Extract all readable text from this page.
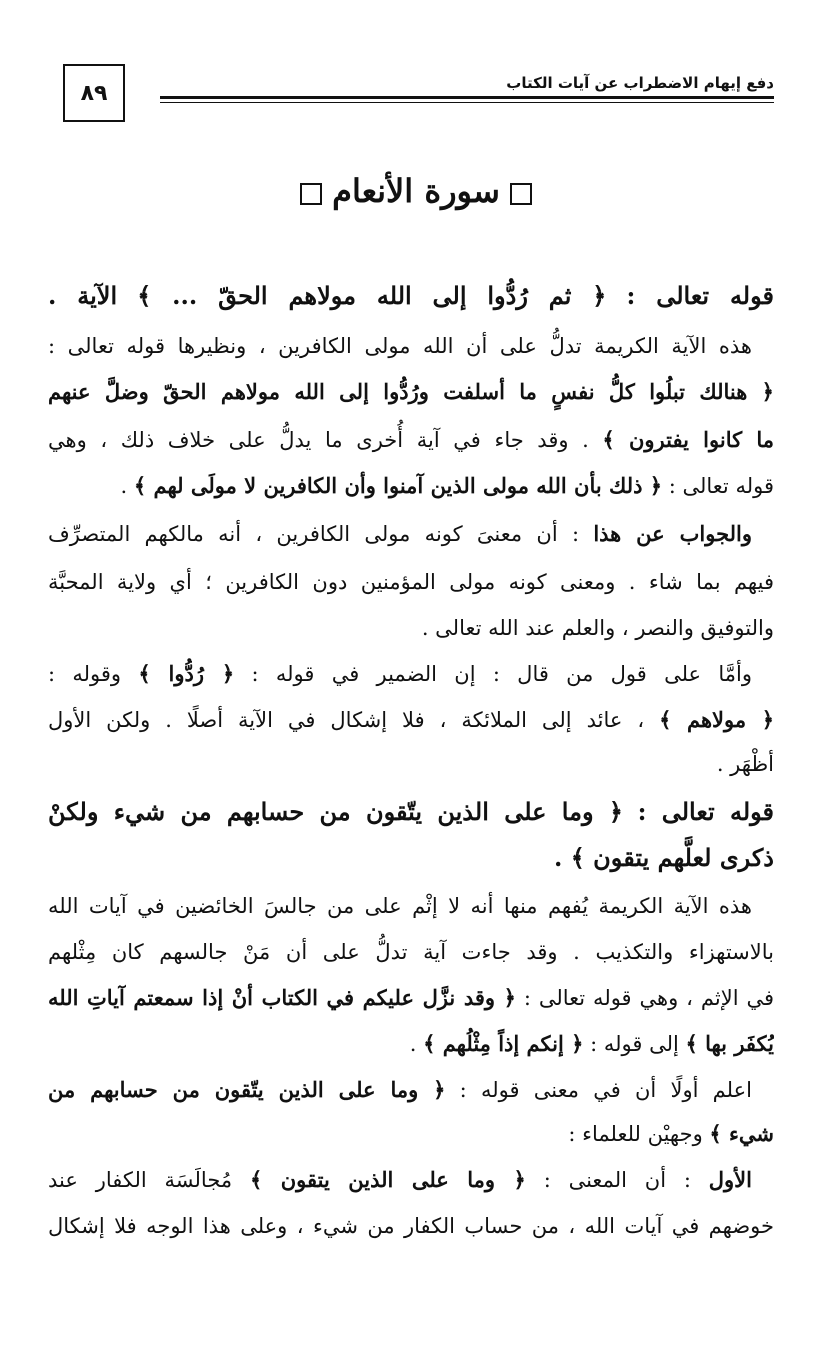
٨٩	دفع إيهام الاضطراب عن آيات الكتاب
سورة الأنعام
قوله تعالى : ﴿ ثم رُدُّوا إلى الله مولاهم الحقّ ... ﴾ الآية .
هذه الآية الكريمة تدلُّ على أن الله مولى الكافرين ، ونظيرها قوله تعالى :
﴿ هنالك تبلُوا كلُّ نفسٍ ما أسلفت ورُدُّوا إلى الله مولاهم الحقّ وضلَّ عنهم
ما كانوا يفترون ﴾ . وقد جاء في آية أُخرى ما يدلُّ على خلاف ذلك ، وهي
قوله تعالى : ﴿ ذلك بأن الله مولى الذين آمنوا وأن الكافرين لا مولَى لهم ﴾ .
والجواب عن هذا : أن معنىَ كونه مولى الكافرين ، أنه مالكهم المتصرِّف
فيهم بما شاء . ومعنى كونه مولى المؤمنين دون الكافرين ؛ أي ولاية المحبَّة
والتوفيق والنصر ، والعلم عند الله تعالى .
وأمَّا على قول من قال : إن الضمير في قوله : ﴿ رُدُّوا ﴾ وقوله :
﴿ مولاهم ﴾ ، عائد إلى الملائكة ، فلا إشكال في الآية أصلًا . ولكن الأول
أظْهَر .
قوله تعالى : ﴿ وما على الذين يتّقون من حسابهم من شيء ولكنْ
ذكرى لعلَّهم يتقون ﴾ .
هذه الآية الكريمة يُفهم منها أنه لا إثْم على من جالسَ الخائضين في آيات الله
بالاستهزاء والتكذيب . وقد جاءت آية تدلُّ على أن مَنْ جالسهم كان مِثْلهم
في الإثم ، وهي قوله تعالى : ﴿ وقد نزَّل عليكم في الكتاب أنْ إذا سمعتم آياتِ الله
يُكفَر بها ﴾ إلى قوله : ﴿ إنكم إذاً مِثْلُهم ﴾ .
اعلم أولًا أن في معنى قوله : ﴿ وما على الذين يتّقون من حسابهم من
شيء ﴾ وجهيْن للعلماء :
الأول : أن المعنى : ﴿ وما على الذين يتقون ﴾ مُجالَسَة الكفار عند
خوضهم في آيات الله ، من حساب الكفار من شيء ، وعلى هذا الوجه فلا إشكال
